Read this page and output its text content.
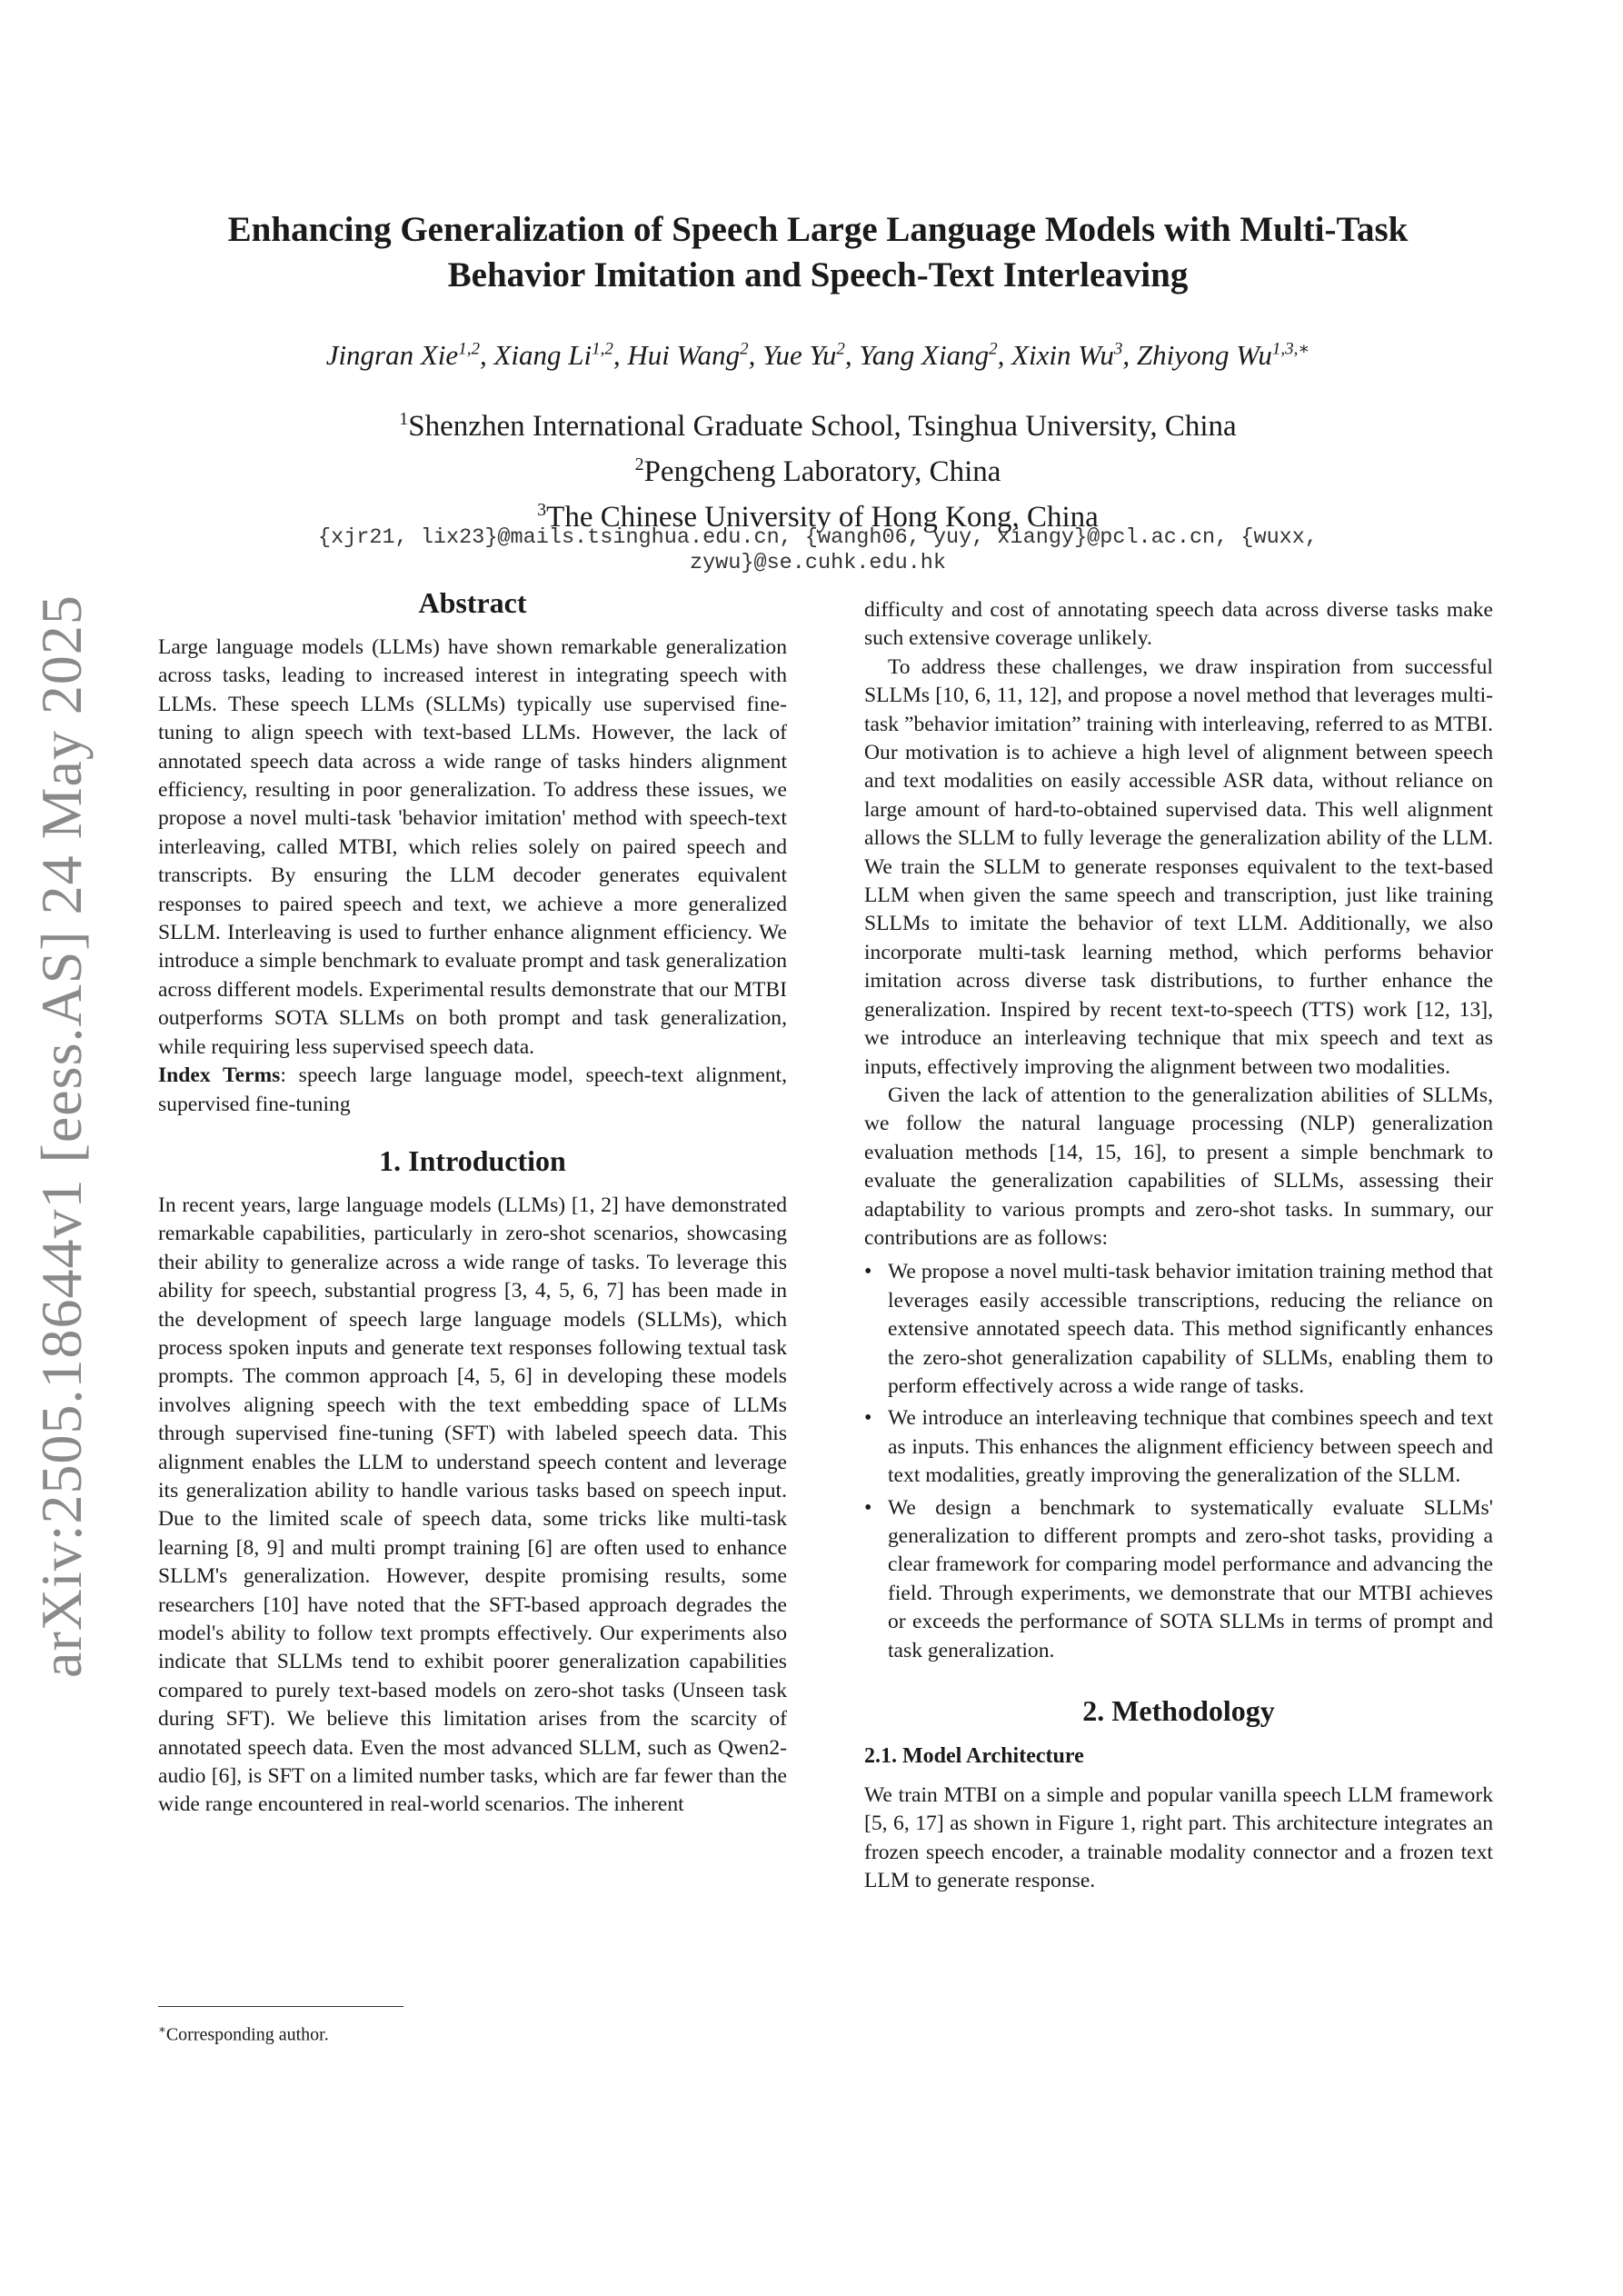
arXiv:2505.18644v1 [eess.AS] 24 May 2025
Enhancing Generalization of Speech Large Language Models with Multi-Task
Behavior Imitation and Speech-Text Interleaving
Jingran Xie$^{1,2}$, Xiang Li$^{1,2}$, Hui Wang$^2$, Yue Yu$^2$, Yang Xiang$^2$, Xixin Wu$^3$, Zhiyong $Wu^{1,3,∗}$
$^1$Shenzhen International Graduate School, Tsinghua University, China
$^2$Pengcheng Laboratory, China
$^3$The Chinese University of Hong Kong, China
{xjr21, lix23}@mails.tsinghua.edu.cn, {wangh06, yuy, xiangy}@pcl.ac.cn, {wuxx,
zywu}@se.cuhk.edu.hk
Abstract

Large language models (LLMs) have shown remarkable generalization across tasks, leading to increased interest in integrating speech with LLMs. These speech LLMs (SLLMs) typically use supervised fine-tuning to align speech with text-based LLMs. However, the lack of annotated speech data across a wide range of tasks hinders alignment efficiency, resulting in poor generalization. To address these issues, we propose a novel multi-task 'behavior imitation' method with speech-text interleaving, called MTBI, which relies solely on paired speech and transcripts. By ensuring the LLM decoder generates equivalent responses to paired speech and text, we achieve a more generalized SLLM. Interleaving is used to further enhance alignment efficiency. We introduce a simple benchmark to evaluate prompt and task generalization across different models. Experimental results demonstrate that our MTBI outperforms SOTA SLLMs on both prompt and task generalization, while requiring less supervised speech data.

Index Terms: speech large language model, speech-text alignment, supervised fine-tuning

1. Introduction

In recent years, large language models (LLMs) [1, 2] have demonstrated remarkable capabilities, particularly in zero-shot scenarios, showcasing their ability to generalize across a wide range of tasks. To leverage this ability for speech, substantial progress [3, 4, 5, 6, 7] has been made in the development of speech large language models (SLLMs), which process spoken inputs and generate text responses following textual task prompts. The common approach [4, 5, 6] in developing these models involves aligning speech with the text embedding space of LLMs through supervised fine-tuning (SFT) with labeled speech data. This alignment enables the LLM to understand speech content and leverage its generalization ability to handle various tasks based on speech input. Due to the limited scale of speech data, some tricks like multi-task learning [8, 9] and multi prompt training [6] are often used to enhance SLLM's generalization. However, despite promising results, some researchers [10] have noted that the SFT-based approach degrades the model's ability to follow text prompts effectively. Our experiments also indicate that SLLMs tend to exhibit poorer generalization capabilities compared to purely text-based models on zero-shot tasks (Unseen task during SFT). We believe this limitation arises from the scarcity of annotated speech data. Even the most advanced SLLM, such as Qwen2-audio [6], is SFT on a limited number tasks, which are far fewer than the wide range encountered in real-world scenarios. The inherent

difficulty and cost of annotating speech data across diverse tasks make such extensive coverage unlikely.

To address these challenges, we draw inspiration from successful SLLMs [10, 6, 11, 12], and propose a novel method that leverages multi-task ”behavior imitation” training with interleaving, referred to as MTBI. Our motivation is to achieve a high level of alignment between speech and text modalities on easily accessible ASR data, without reliance on large amount of hard-to-obtained supervised data. This well alignment allows the SLLM to fully leverage the generalization ability of the LLM. We train the SLLM to generate responses equivalent to the text-based LLM when given the same speech and transcription, just like training SLLMs to imitate the behavior of text LLM. Additionally, we also incorporate multi-task learning method, which performs behavior imitation across diverse task distributions, to further enhance the generalization. Inspired by recent text-to-speech (TTS) work [12, 13], we introduce an interleaving technique that mix speech and text as inputs, effectively improving the alignment between two modalities.

Given the lack of attention to the generalization abilities of SLLMs, we follow the natural language processing (NLP) generalization evaluation methods [14, 15, 16], to present a simple benchmark to evaluate the generalization capabilities of SLLMs, assessing their adaptability to various prompts and zero-shot tasks. In summary, our contributions are as follows:

• We propose a novel multi-task behavior imitation training method that leverages easily accessible transcriptions, reducing the reliance on extensive annotated speech data. This method significantly enhances the zero-shot generalization capability of SLLMs, enabling them to perform effectively across a wide range of tasks.
• We introduce an interleaving technique that combines speech and text as inputs. This enhances the alignment efficiency between speech and text modalities, greatly improving the generalization of the SLLM.
• We design a benchmark to systematically evaluate SLLMs' generalization to different prompts and zero-shot tasks, providing a clear framework for comparing model performance and advancing the field. Through experiments, we demonstrate that our MTBI achieves or exceeds the performance of SOTA SLLMs in terms of prompt and task generalization.
2. Methodology
2.1. Model Architecture

We train MTBI on a simple and popular vanilla speech LLM framework [5, 6, 17] as shown in Figure 1, right part. This architecture integrates an frozen speech encoder, a trainable modality connector and a frozen text LLM to generate response.

∗Corresponding author.
